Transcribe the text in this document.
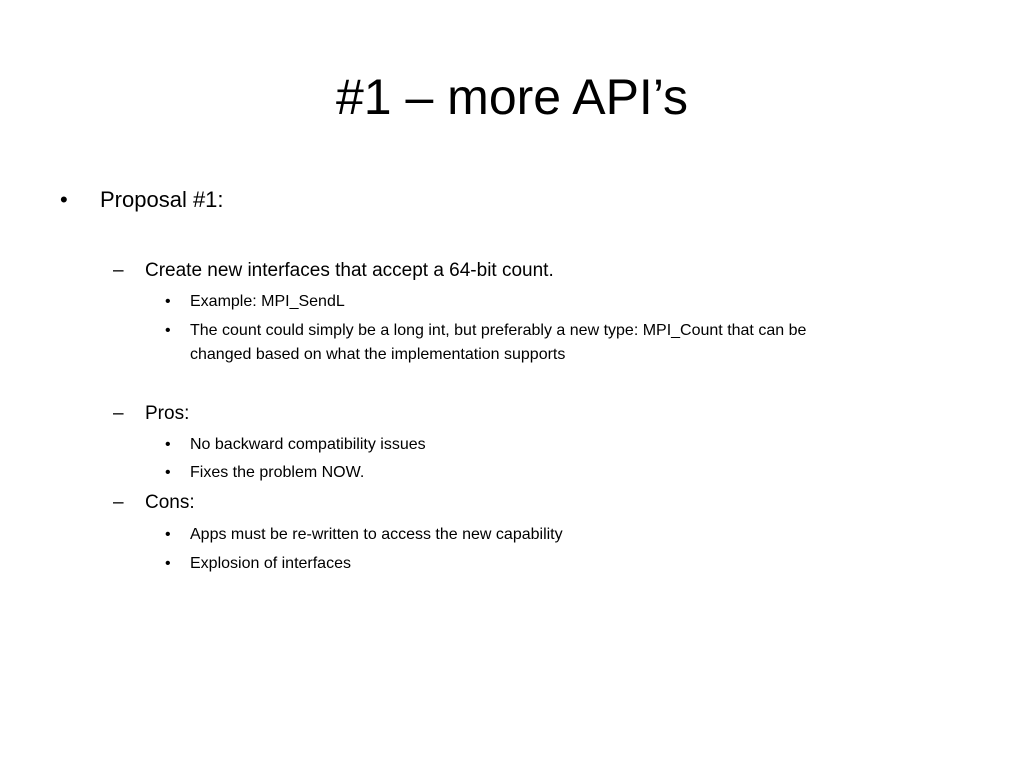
#1 – more API’s
• Proposal #1:
– Create new interfaces that accept a 64-bit count.
• Example: MPI_SendL
• The count could simply be a long int, but preferably a new type: MPI_Count that can be
changed based on what the implementation supports
– Pros:
• No backward compatibility issues
• Fixes the problem NOW.
– Cons:
• Apps must be re-written to access the new capability
• Explosion of interfaces
